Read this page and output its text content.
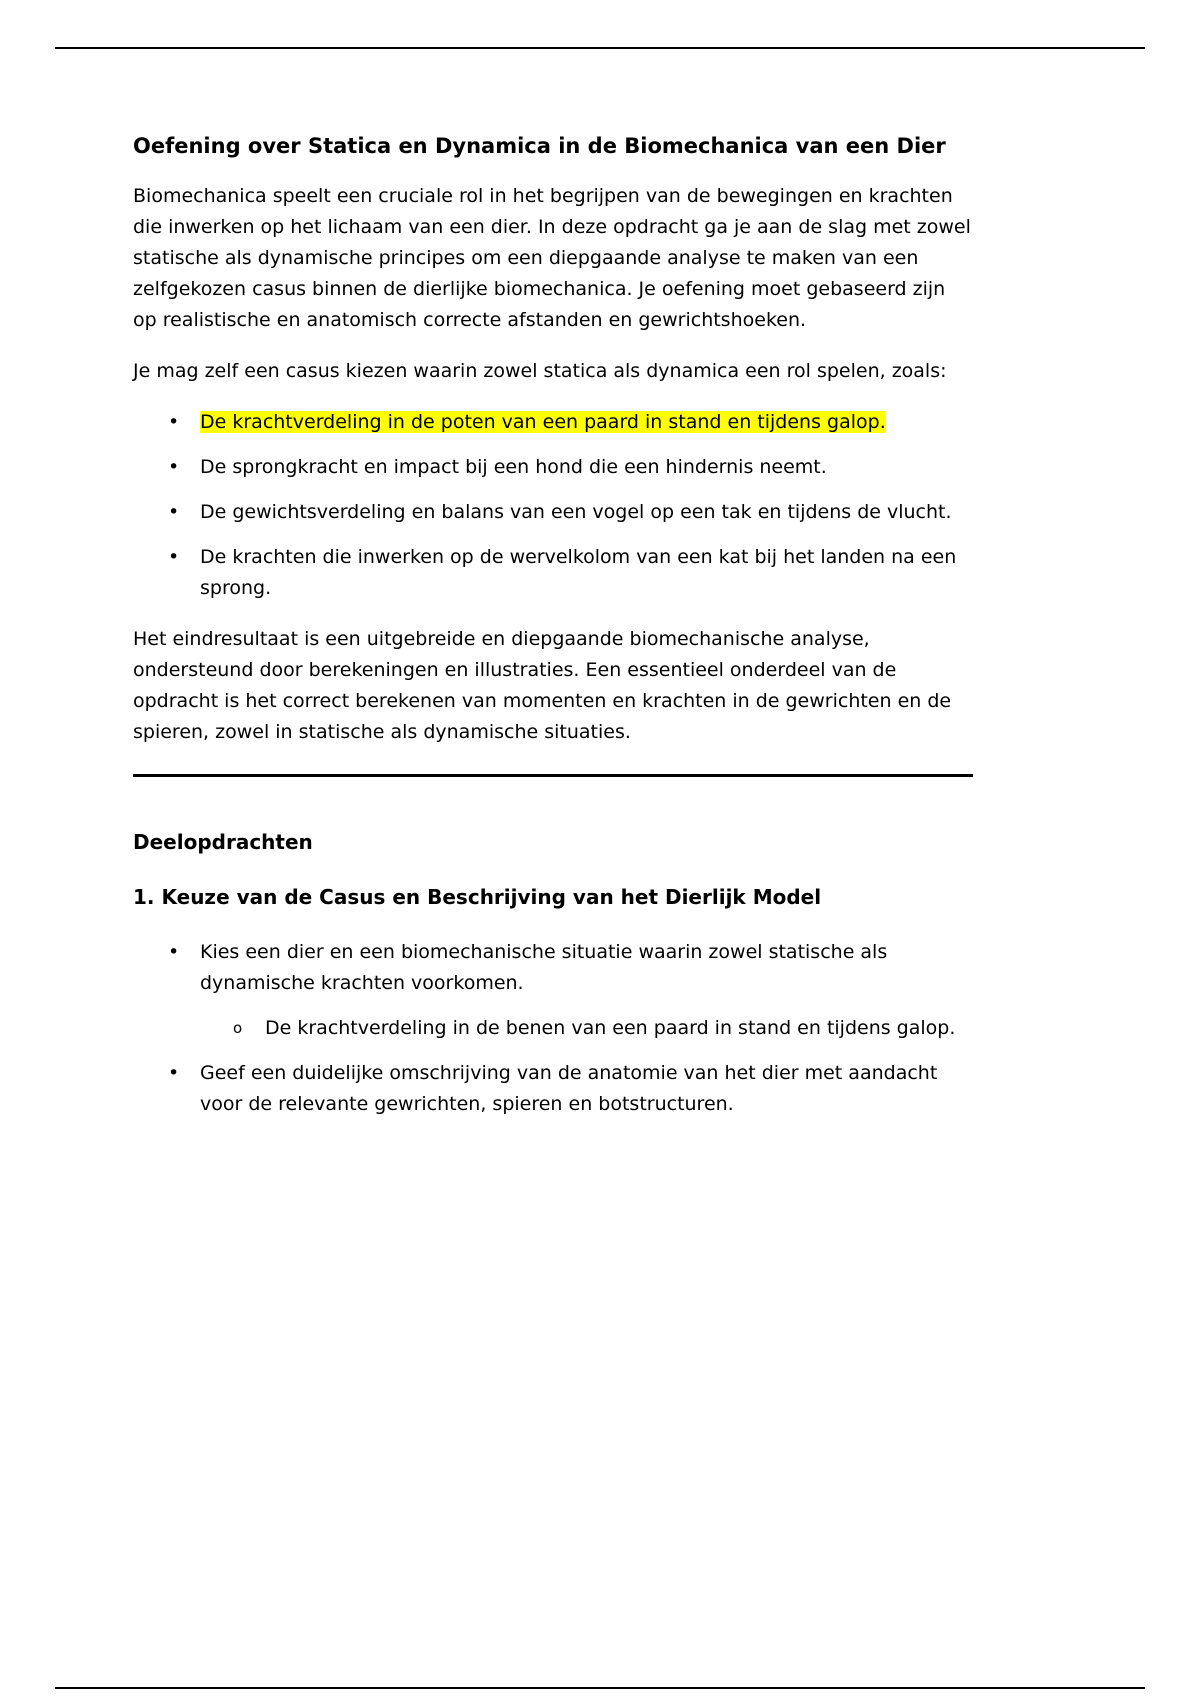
Oefening over Statica en Dynamica in de Biomechanica van een Dier

Biomechanica speelt een cruciale rol in het begrijpen van de bewegingen en krachten die inwerken op het lichaam van een dier. In deze opdracht ga je aan de slag met zowel statische als dynamische principes om een diepgaande analyse te maken van een zelfgekozen casus binnen de dierlijke biomechanica. Je oefening moet gebaseerd zijn op realistische en anatomisch correcte afstanden en gewrichtshoeken.

Je mag zelf een casus kiezen waarin zowel statica als dynamica een rol spelen, zoals:

•	De krachtverdeling in de poten van een paard in stand en tijdens galop.
•	De sprongkracht en impact bij een hond die een hindernis neemt.
•	De gewichtsverdeling en balans van een vogel op een tak en tijdens de vlucht.
•	De krachten die inwerken op de wervelkolom van een kat bij het landen na een sprong.

Het eindresultaat is een uitgebreide en diepgaande biomechanische analyse, ondersteund door berekeningen en illustraties. Een essentieel onderdeel van de opdracht is het correct berekenen van momenten en krachten in de gewrichten en de spieren, zowel in statische als dynamische situaties.

Deelopdrachten
1. Keuze van de Casus en Beschrijving van het Dierlijk Model
•	Kies een dier en een biomechanische situatie waarin zowel statische als dynamische krachten voorkomen.
o	De krachtverdeling in de benen van een paard in stand en tijdens galop.
•	Geef een duidelijke omschrijving van de anatomie van het dier met aandacht voor de relevante gewrichten, spieren en botstructuren.
